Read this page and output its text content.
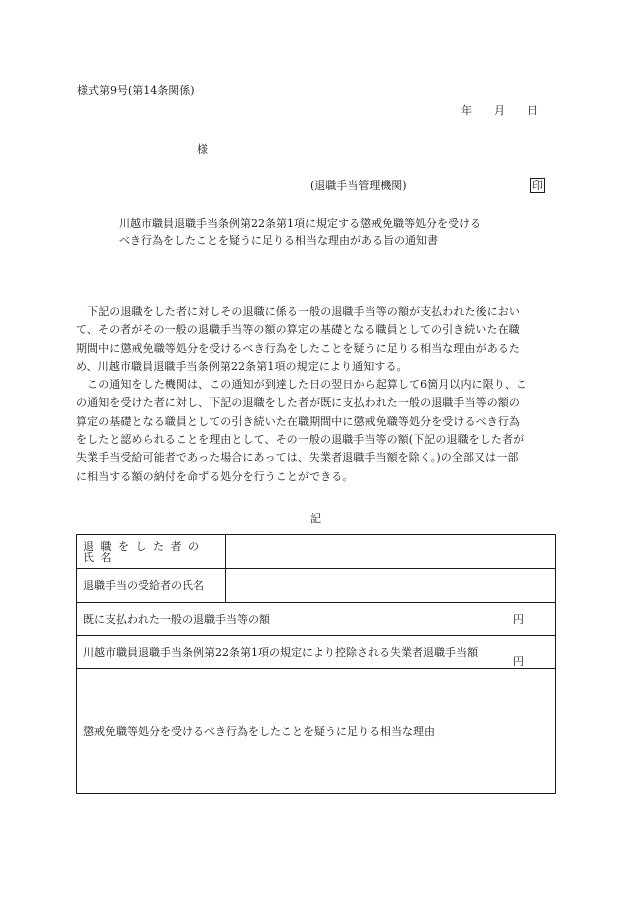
様式第9号(第14条関係)
年 月 日
様
(退職手当管理機関)	印
川越市職員退職手当条例第22条第1項に規定する懲戒免職等処分を受ける
べき行為をしたことを疑うに足りる相当な理由がある旨の通知書

　下記の退職をした者に対しその退職に係る一般の退職手当等の額が支払われた後におい
て、その者がその一般の退職手当等の額の算定の基礎となる職員としての引き続いた在職
期間中に懲戒免職等処分を受けるべき行為をしたことを疑うに足りる相当な理由があるた
め、川越市職員退職手当条例第22条第1項の規定により通知する。

　この通知をした機関は、この通知が到達した日の翌日から起算して6箇月以内に限り、こ
の通知を受けた者に対し、下記の退職をした者が既に支払われた一般の退職手当等の額の
算定の基礎となる職員としての引き続いた在職期間中に懲戒免職等処分を受けるべき行為
をしたと認められることを理由として、その一般の退職手当等の額(下記の退職をした者が
失業手当受給可能者であった場合にあっては、失業者退職手当額を除く。)の全部又は一部
に相当する額の納付を命ずる処分を行うことができる。

記
退職をした者の氏名	
退職手当の受給者の氏名	
既に支払われた一般の退職手当等の額 円	

川越市職員退職手当条例第22条第1項の規定により控除される失業者退職手当額
円	

懲戒免職等処分を受けるべき行為をしたことを疑うに足りる相当な理由	
